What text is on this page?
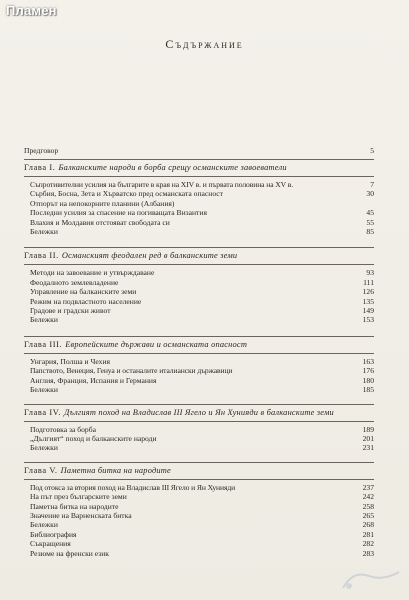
Пламен
Съдържание
Предговор	5
Глава I. Балканските народи в борба срещу османските завоеватели
Съпротивителни усилия на българите в края на XIV в. и първата половина на XV в.	7
Сърбия, Босна, Зета и Хърватско пред османската опасност	30
Отпорът на непокорните планини (Албания)
Последни усилия за спасение на погиващата Византия	45
Влахия и Молдавия отстояват свободата си	55
Бележки	85
Глава II. Османският феодален ред в балканските земи
Методи на завоевание и утвърждаване	93
Феодалното землевладение	111
Управление на балканските земи	126
Режим на подвластното население	135
Градове и градски живот	149
Бележки	153
Глава III. Европейските държави и османската опасност
Унгария, Полша и Чехия	163
Папството, Венеция, Генуа и останалите италиански държавици	176
Англия, Франция, Испания и Германия	180
Бележки	185
Глава IV. Дългият поход на Владислав III Ягело и Ян Хунияди в балканските земи
Подготовка за борба	189
„Дългият“ поход и балканските народи	201
Бележки	231
Глава V. Паметна битка на народите
Под отокса за втория поход на Владислав III Ягело и Ян Хунияди	237
На път през българските земи	242
Паметна битка на народите	258
Значение на Варненската битка	265
Бележки	268
Библиография	281
Съкращения	282
Резюме на френски език	283
